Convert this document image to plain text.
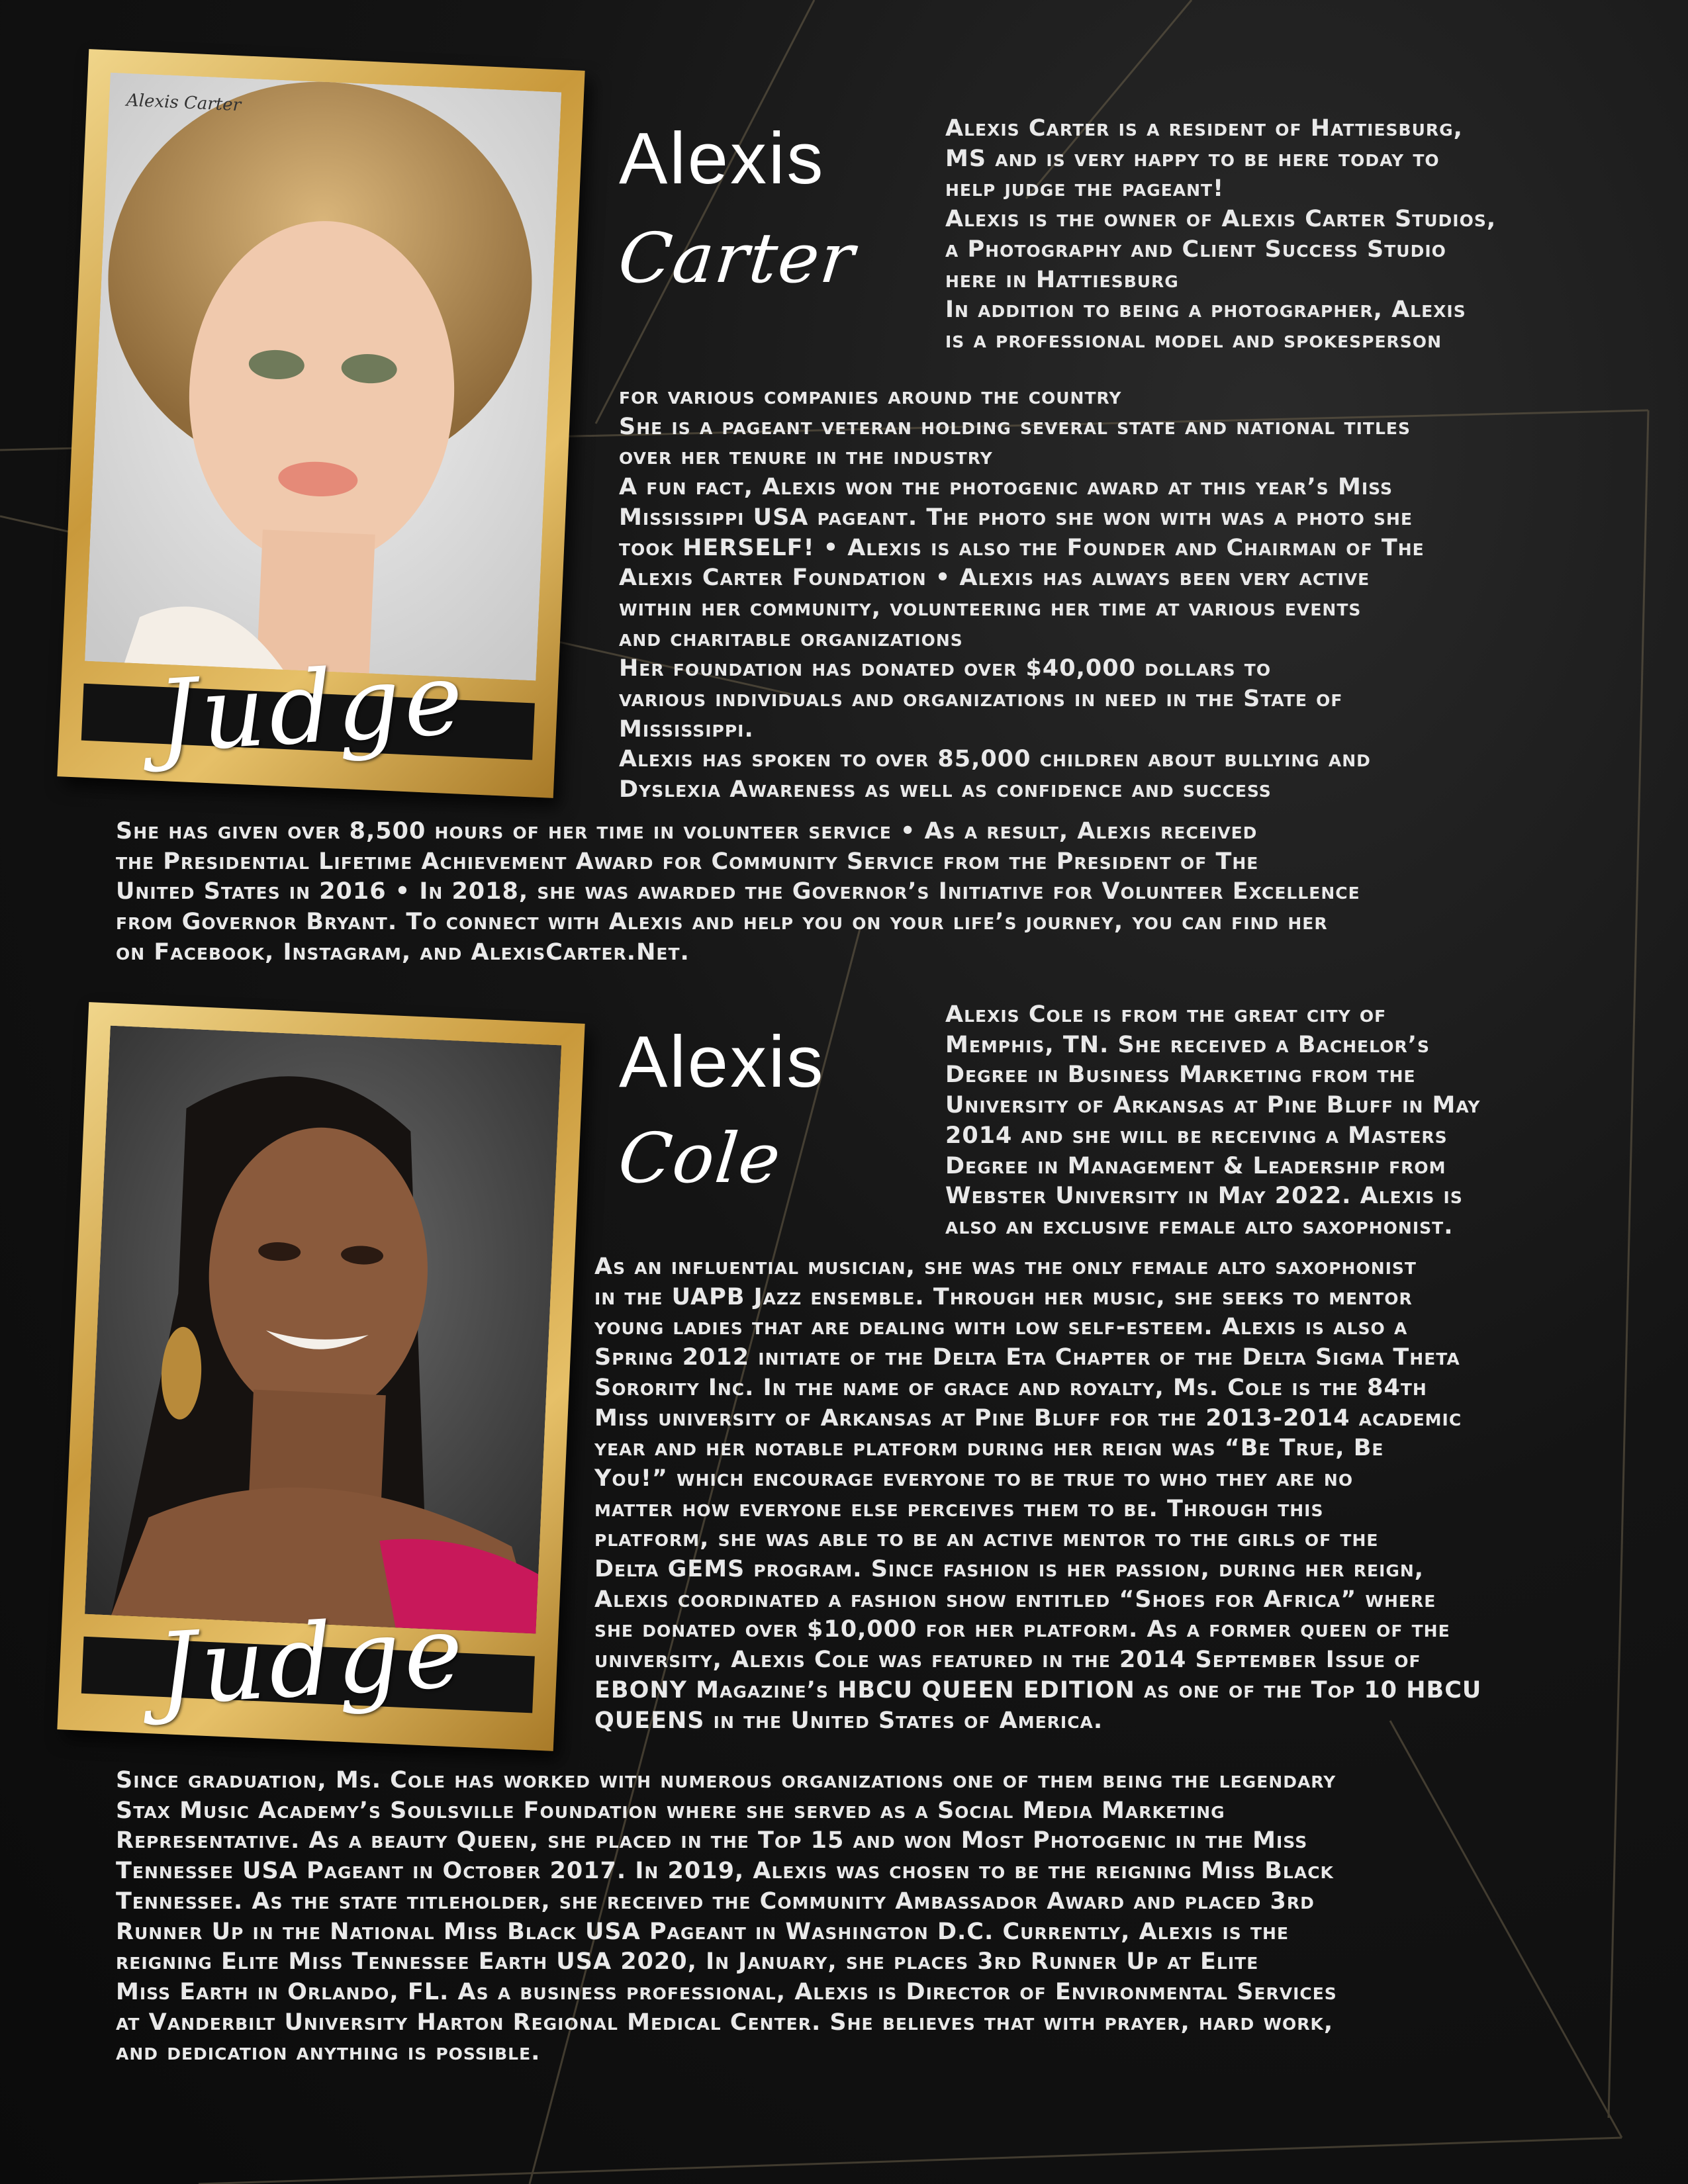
Alexis Carter
Judge
Alexis
Carter
Alexis Carter is a resident of Hattiesburg,
MS and is very happy to be here today to
help judge the pageant!
Alexis is the owner of Alexis Carter Studios,
a Photography and Client Success Studio
here in Hattiesburg
In addition to being a photographer, Alexis
is a professional model and spokesperson
for various companies around the country
She is a pageant veteran holding several state and national titles
over her tenure in the industry
A fun fact, Alexis won the photogenic award at this year’s Miss
Mississippi USA pageant. The photo she won with was a photo she
took HERSELF! • Alexis is also the Founder and Chairman of The
Alexis Carter Foundation • Alexis has always been very active
within her community, volunteering her time at various events
and charitable organizations
Her foundation has donated over $40,000 dollars to
various individuals and organizations in need in the State of
Mississippi.
Alexis has spoken to over 85,000 children about bullying and
Dyslexia Awareness as well as confidence and success
She has given over 8,500 hours of her time in volunteer service • As a result, Alexis received
the Presidential Lifetime Achievement Award for Community Service from the President of The
United States in 2016 • In 2018, she was awarded the Governor’s Initiative for Volunteer Excellence
from Governor Bryant. To connect with Alexis and help you on your life’s journey, you can find her
on Facebook, Instagram, and AlexisCarter.Net.
Judge
Alexis
Cole
Alexis Cole is from the great city of
Memphis, TN. She received a Bachelor’s
Degree in Business Marketing from the
University of Arkansas at Pine Bluff in May
2014 and she will be receiving a Masters
Degree in Management & Leadership from
Webster University in May 2022. Alexis is
also an exclusive female alto saxophonist.
As an influential musician, she was the only female alto saxophonist
in the UAPB Jazz ensemble. Through her music, she seeks to mentor
young ladies that are dealing with low self-esteem. Alexis is also a
Spring 2012 initiate of the Delta Eta Chapter of the Delta Sigma Theta
Sorority Inc. In the name of grace and royalty, Ms. Cole is the 84th
Miss university of Arkansas at Pine Bluff for the 2013-2014 academic
year and her notable platform during her reign was “Be True, Be
You!” which encourage everyone to be true to who they are no
matter how everyone else perceives them to be. Through this
platform, she was able to be an active mentor to the girls of the
Delta GEMS program. Since fashion is her passion, during her reign,
Alexis coordinated a fashion show entitled “Shoes for Africa” where
she donated over $10,000 for her platform. As a former queen of the
university, Alexis Cole was featured in the 2014 September Issue of
EBONY Magazine’s HBCU QUEEN EDITION as one of the Top 10 HBCU
QUEENS in the United States of America.
Since graduation, Ms. Cole has worked with numerous organizations one of them being the legendary
Stax Music Academy’s Soulsville Foundation where she served as a Social Media Marketing
Representative. As a beauty Queen, she placed in the Top 15 and won Most Photogenic in the Miss
Tennessee USA Pageant in October 2017. In 2019, Alexis was chosen to be the reigning Miss Black
Tennessee. As the state titleholder, she received the Community Ambassador Award and placed 3rd
Runner Up in the National Miss Black USA Pageant in Washington D.C. Currently, Alexis is the
reigning Elite Miss Tennessee Earth USA 2020, In January, she places 3rd Runner Up at Elite
Miss Earth in Orlando, FL. As a business professional, Alexis is Director of Environmental Services
at Vanderbilt University Harton Regional Medical Center. She believes that with prayer, hard work,
and dedication anything is possible.
